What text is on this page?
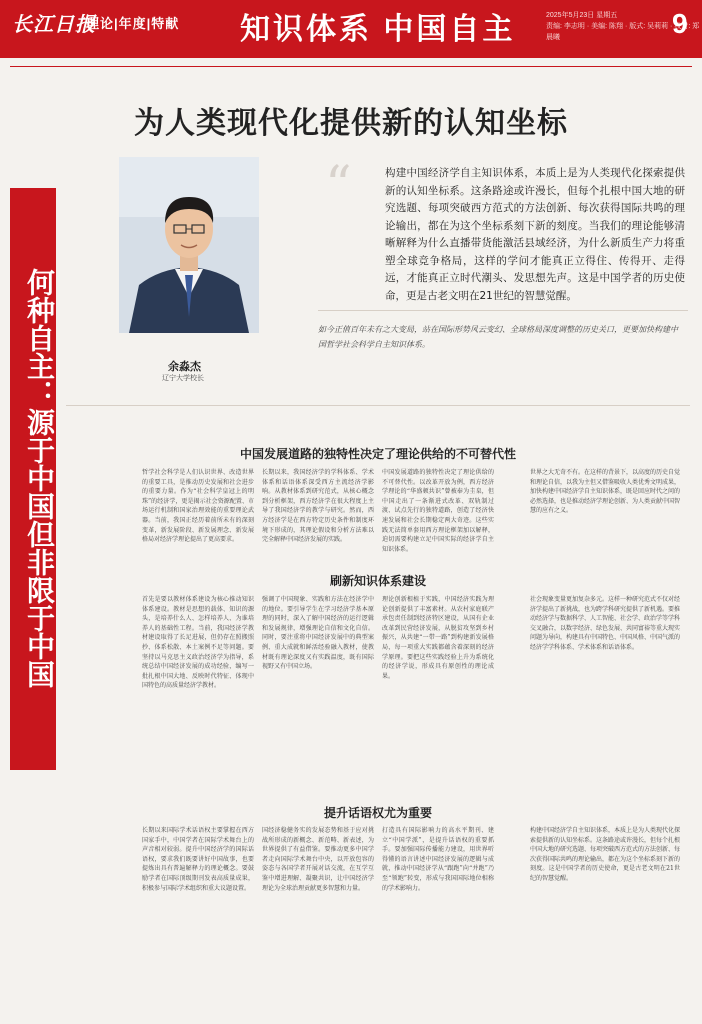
长江日报
理论|年度|特献 知识体系 中国自主	2025年5月23日 星期五
责编: 李志明 · 美编: 陈翔 · 版式: 吴莉莉 · 校对: 郑晨曦	9
为人类现代化提供新的认知坐标
何种自主：源于中国但非限于中国	余淼杰
辽宁大学校长
“	构建中国经济学自主知识体系，本质上是为人类现代化探索提供新的认知坐标系。这条路途或许漫长，但每个扎根中国大地的研究选题、每项突破西方范式的方法创新、每次获得国际共鸣的理论输出，都在为这个坐标系刻下新的刻度。当我们的理论能够清晰解释为什么直播带货能激活县域经济，为什么新质生产力将重塑全球竞争格局，这样的学问才能真正立得住、传得开、走得远，才能真正立时代潮头、发思想先声。这是中国学者的历史使命，更是古老文明在21世纪的智慧觉醒。
如今正值百年未有之大变局，站在国际形势风云变幻、全球格局深度调整的历史关口，更要加快构建中国哲学社会科学自主知识体系。
中国发展道路的独特性决定了理论供给的不可替代性
哲学社会科学是人们认识世界、改造世界的重要工具，是推动历史发展和社会进步的重要力量。作为“社会科学皇冠上的明珠”的经济学，更是揭示社会资源配置、市场运行机制和国家治理效能的重要理论武器。当前，我国正经历着前所未有的深刻变革，新发展阶段、新发展理念、新发展格局对经济学理论提出了更高要求。
长期以来，我国经济学的学科体系、学术体系和话语体系深受西方主流经济学影响。从教材体系到研究范式，从核心概念到分析框架，西方经济学在很大程度上主导了我国经济学的教学与研究。然而，西方经济学是在西方特定历史条件和制度环境下形成的，其理论假设和分析方法难以完全解释中国经济发展的实践。
中国发展道路的独特性决定了理论供给的不可替代性。以改革开放为例，西方经济学理论的“华盛顿共识”曾被奉为圭臬，但中国走出了一条渐进式改革、双轨制过渡、试点先行的独特道路，创造了经济快速发展和社会长期稳定两大奇迹。这些实践无法简单套用西方理论框架加以解释，迫切需要构建立足中国实际的经济学自主知识体系。
世界之大无奇不有。在这样的背景下，以高度的历史自觉和理论自信，以我为主但又借鉴吸收人类优秀文明成果，加快构建中国经济学自主知识体系，既是回应时代之问的必然选择，也是推动经济学理论创新、为人类贡献中国智慧的应有之义。
刷新知识体系建设
首先是要以教材体系建设为核心推动知识体系建设。教材是思想的载体、知识的源头，是培养什么人、怎样培养人、为谁培养人的基础性工程。当前，我国经济学教材建设取得了长足进展，但仍存在照搬照抄、体系松散、本土案例不足等问题。要坚持以马克思主义政治经济学为指导，系统总结中国经济发展的成功经验，编写一批扎根中国大地、反映时代特征、体现中国特色的高质量经济学教材。
强调了中国现象、实践和方法在经济学中的地位。要引导学生在学习经济学基本原理的同时，深入了解中国经济的运行逻辑和发展规律，增强理论自信和文化自信。同时，要注重将中国经济发展中的典型案例、重大成就和鲜活经验融入教材，使教材既有理论深度又有实践温度，既有国际视野又有中国立场。
理论创新根植于实践，中国经济实践为理论创新提供了丰富素材。从农村家庭联产承包责任制到经济特区建设，从国有企业改革到民营经济发展，从脱贫攻坚到乡村振兴，从共建“一带一路”到构建新发展格局，每一项重大实践都蕴含着深刻的经济学原理。要把这些实践经验上升为系统化的经济学说，形成具有原创性的理论成果。
社会现象变量更加复杂多元。这样一种研究范式不仅对经济学提出了新挑战，也为跨学科研究提供了新机遇。要推动经济学与数据科学、人工智能、社会学、政治学等学科交叉融合，以数字经济、绿色发展、共同富裕等重大现实问题为导向，构建具有中国特色、中国风格、中国气派的经济学学科体系、学术体系和话语体系。
提升话语权尤为重要
长期以来国际学术话语权主要掌握在西方国家手中，中国学者在国际学术舞台上的声音相对较弱。提升中国经济学的国际话语权，要求我们既要讲好中国故事，也要提炼出具有普遍解释力的理论概念。要鼓励学者在国际顶级期刊发表高质量成果，积极参与国际学术组织和重大议题设置。
国经济稳健务实的发展态势和基于应对挑战所形成的新概念、新范畴、新表述，为世界提供了有益借鉴。要推动更多中国学者走向国际学术舞台中央，以开放包容的姿态与各国学者开展对话交流，在互学互鉴中增进理解、凝聚共识，让中国经济学理论为全球治理贡献更多智慧和力量。
打造具有国际影响力的高水平期刊、建立“中国学派”，是提升话语权的重要抓手。要加强国际传播能力建设，用世界听得懂的语言讲述中国经济发展的逻辑与成就，推动中国经济学从“跟跑”向“并跑”乃至“领跑”转变，形成与我国国际地位相称的学术影响力。
构建中国经济学自主知识体系，本质上是为人类现代化探索提供新的认知坐标系。这条路途或许漫长，但每个扎根中国大地的研究选题、每项突破西方范式的方法创新、每次获得国际共鸣的理论输出，都在为这个坐标系刻下新的刻度。这是中国学者的历史使命，更是古老文明在21世纪的智慧觉醒。
